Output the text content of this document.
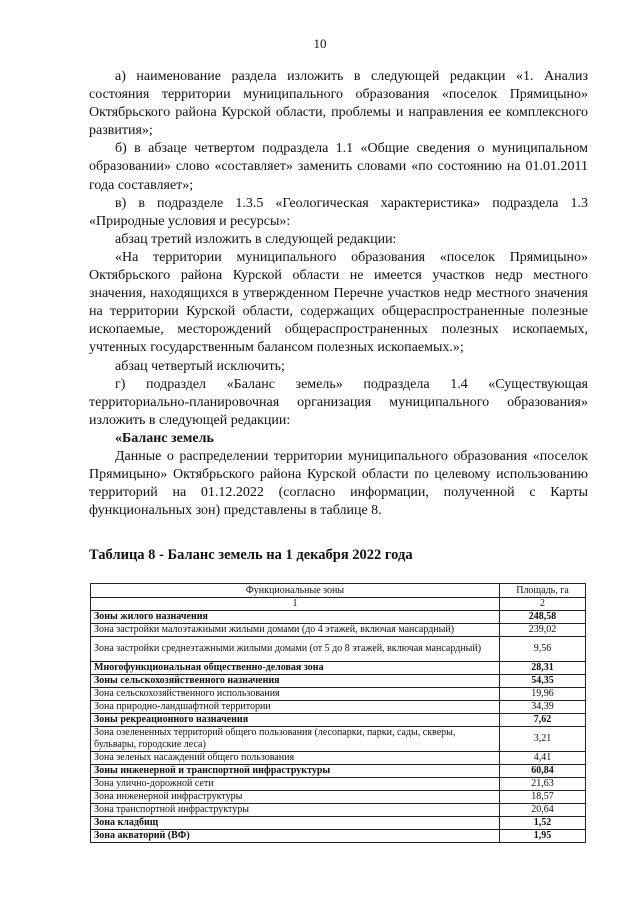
10

а) наименование раздела изложить в следующей редакции «1. Анализ состояния территории муниципального образования «поселок Прямицыно» Октябрьского района Курской области, проблемы и направления ее комплексного развития»;

б) в абзаце четвертом подраздела 1.1 «Общие сведения о муниципальном образовании» слово «составляет» заменить словами «по состоянию на 01.01.2011 года составляет»;

в) в подразделе 1.3.5 «Геологическая характеристика» подраздела 1.3 «Природные условия и ресурсы»:

абзац третий изложить в следующей редакции:

«На территории муниципального образования «поселок Прямицыно» Октябрьского района Курской области не имеется участков недр местного значения, находящихся в утвержденном Перечне участков недр местного значения на территории Курской области, содержащих общераспространенные полезные ископаемые, месторождений общераспространенных полезных ископаемых, учтенных государственным балансом полезных ископаемых.»;

абзац четвертый исключить;

г) подраздел «Баланс земель» подраздела 1.4 «Существующая территориально-планировочная организация муниципального образования» изложить в следующей редакции:

«Баланс земель

Данные о распределении территории муниципального образования «поселок Прямицыно» Октябрьского района Курской области по целевому использованию территорий на 01.12.2022 (согласно информации, полученной с Карты функциональных зон) представлены в таблице 8.

Таблица 8 - Баланс земель на 1 декабря 2022 года
Функциональные зоны	Площадь, га
1	2
Зоны жилого назначения	248,58
Зона застройки малоэтажными жилыми домами (до 4 этажей, включая мансардный)	239,02
Зона застройки среднеэтажными жилыми домами (от 5 до 8 этажей, включая мансардный)	9,56
Многофункциональная общественно-деловая зона	28,31
Зоны сельскохозяйственного назначения	54,35
Зона сельскохозяйственного использования	19,96
Зона природно-ландшафтной территории	34,39
Зоны рекреационного назначения	7,62
Зона озелененных территорий общего пользования (лесопарки, парки, сады, скверы, бульвары, городские леса)	3,21
Зона зеленых насаждений общего пользования	4,41
Зоны инженерной и транспортной инфраструктуры	60,84
Зона улично-дорожной сети	21,63
Зона инженерной инфраструктуры	18,57
Зона транспортной инфраструктуры	20,64
Зона кладбищ	1,52
Зона акваторий (ВФ)	1,95
